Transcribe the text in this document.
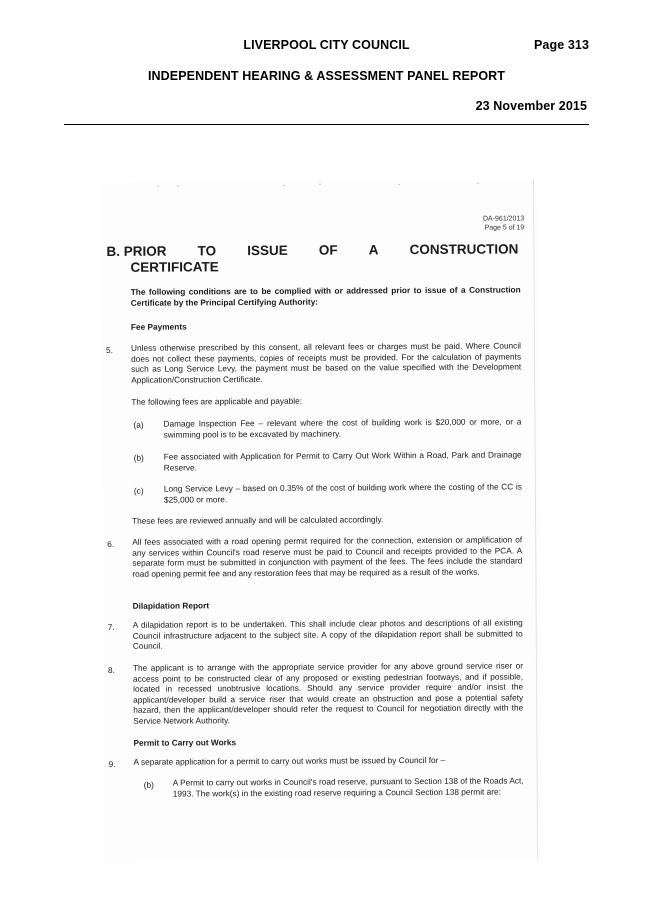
LIVERPOOL CITY COUNCIL	Page 313
INDEPENDENT HEARING & ASSESSMENT PANEL REPORT
23 November 2015
DA-961/2013
Page 5 of 19
B. PRIOR TO ISSUE OF A CONSTRUCTION
CERTIFICATE
The following conditions are to be complied with or addressed prior to issue of a Construction Certificate by the Principal Certifying Authority:
Fee Payments
5. Unless otherwise prescribed by this consent, all relevant fees or charges must be paid. Where Council does not collect these payments, copies of receipts must be provided. For the calculation of payments such as Long Service Levy, the payment must be based on the value specified with the Development Application/Construction Certificate.
The following fees are applicable and payable:
(a) Damage Inspection Fee – relevant where the cost of building work is $20,000 or more, or a swimming pool is to be excavated by machinery.
(b) Fee associated with Application for Permit to Carry Out Work Within a Road, Park and Drainage Reserve.
(c) Long Service Levy – based on 0.35% of the cost of building work where the costing of the CC is $25,000 or more.
These fees are reviewed annually and will be calculated accordingly.
6. All fees associated with a road opening permit required for the connection, extension or amplification of any services within Council's road reserve must be paid to Council and receipts provided to the PCA. A separate form must be submitted in conjunction with payment of the fees. The fees include the standard road opening permit fee and any restoration fees that may be required as a result of the works.
Dilapidation Report
7. A dilapidation report is to be undertaken. This shall include clear photos and descriptions of all existing Council infrastructure adjacent to the subject site. A copy of the dilapidation report shall be submitted to Council.
8. The applicant is to arrange with the appropriate service provider for any above ground service riser or access point to be constructed clear of any proposed or existing pedestrian footways, and if possible, located in recessed unobtrusive locations. Should any service provider require and/or insist the applicant/developer build a service riser that would create an obstruction and pose a potential safety hazard, then the applicant/developer should refer the request to Council for negotiation directly with the Service Network Authority.
Permit to Carry out Works
9. A separate application for a permit to carry out works must be issued by Council for –
(b) A Permit to carry out works in Council's road reserve, pursuant to Section 138 of the Roads Act, 1993. The work(s) in the existing road reserve requiring a Council Section 138 permit are:
